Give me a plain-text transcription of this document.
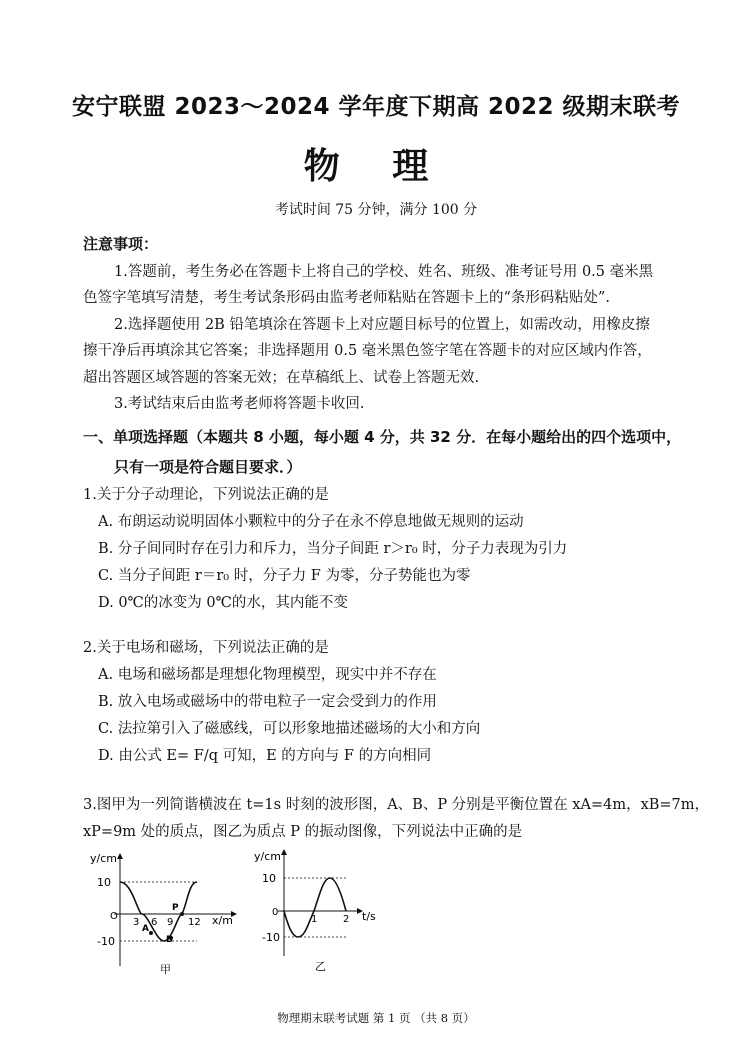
安宁联盟 2023～2024 学年度下期高 2022 级期末联考
物 理
考试时间 75 分钟，满分 100 分
注意事项：
1.答题前，考生务必在答题卡上将自己的学校、姓名、班级、准考证号用 0.5 毫米黑
色签字笔填写清楚，考生考试条形码由监考老师粘贴在答题卡上的“条形码粘贴处”.
2.选择题使用 2B 铅笔填涂在答题卡上对应题目标号的位置上，如需改动，用橡皮擦
擦干净后再填涂其它答案；非选择题用 0.5 毫米黑色签字笔在答题卡的对应区域内作答，
超出答题区域答题的答案无效；在草稿纸上、试卷上答题无效.
3.考试结束后由监考老师将答题卡收回.
一、单项选择题（本题共 8 小题，每小题 4 分，共 32 分．在每小题给出的四个选项中，
只有一项是符合题目要求．）
1.关于分子动理论，下列说法正确的是
A. 布朗运动说明固体小颗粒中的分子在永不停息地做无规则的运动
B. 分子间同时存在引力和斥力，当分子间距 r＞r₀ 时，分子力表现为引力
C. 当分子间距 r＝r₀ 时，分子力 F 为零，分子势能也为零
D. 0℃的冰变为 0℃的水，其内能不变
2.关于电场和磁场，下列说法正确的是
A. 电场和磁场都是理想化物理模型，现实中并不存在
B. 放入电场或磁场中的带电粒子一定会受到力的作用
C. 法拉第引入了磁感线，可以形象地描述磁场的大小和方向
D. 由公式 E= F/q 可知，E 的方向与 F 的方向相同
3.图甲为一列简谐横波在 t=1s 时刻的波形图，A、B、P 分别是平衡位置在 xA=4m，xB=7m，
xP=9m 处的质点，图乙为质点 P 的振动图像，下列说法中正确的是
y/cm
x/m
10
-10
O
3 6 9 12
A
B
P
甲
y/cm
t/s
10
-10
0
1	2
乙
物理期末联考试题 第 1 页 （共 8 页）
